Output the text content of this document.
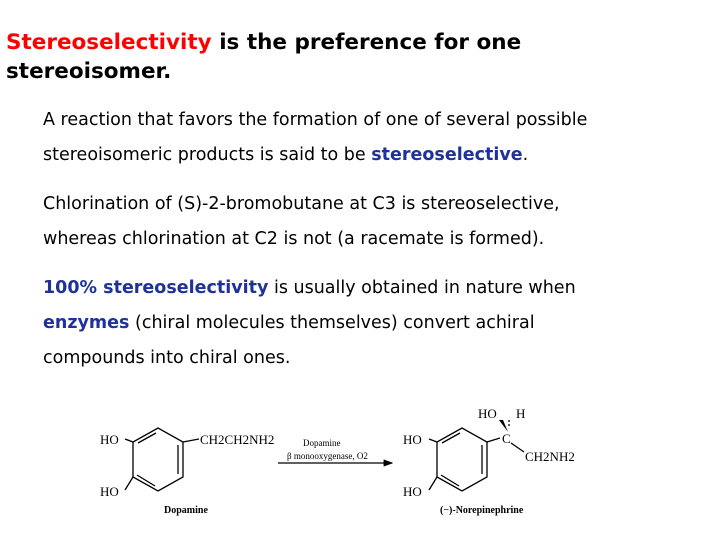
Stereoselectivity is the preference for one
stereoisomer.
A reaction that favors the formation of one of several possible
stereoisomeric products is said to be stereoselective.
Chlorination of (S)-2-bromobutane at C3 is stereoselective,
whereas chlorination at C2 is not (a racemate is formed).
100% stereoselectivity is usually obtained in nature when
enzymes (chiral molecules themselves) convert achiral
compounds into chiral ones.
HO
HO
CH2CH2NH2
Dopamine
Dopamine
β monooxygenase, O2
HO
HO
HO H
C
CH2NH2
(−)-Norepinephrine
